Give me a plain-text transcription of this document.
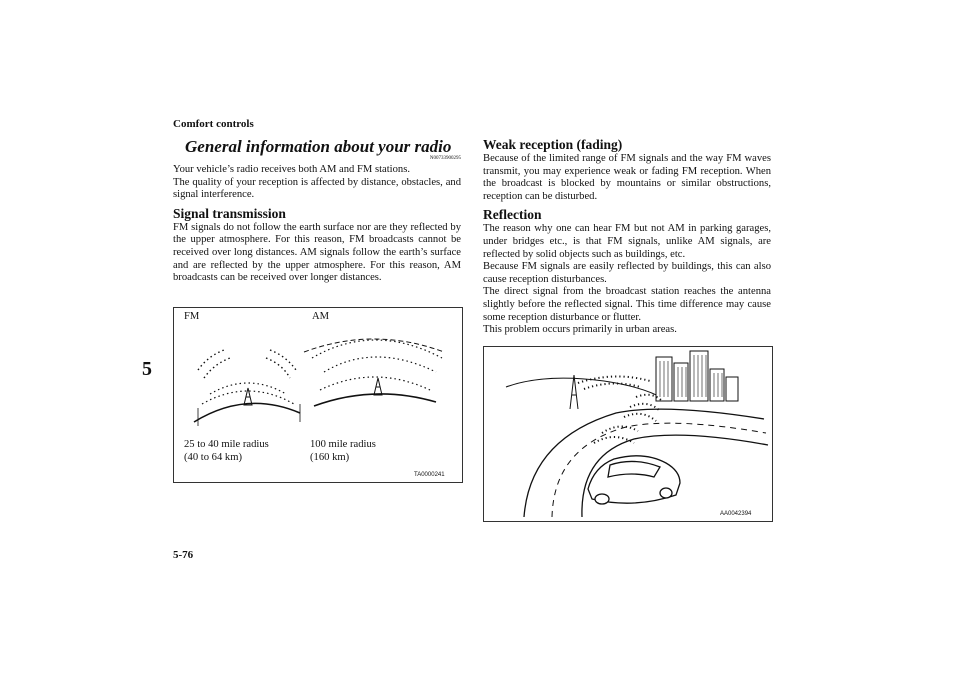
Comfort controls
5
5-76
General information about your radio
N00733900295

Your vehicle’s radio receives both AM and FM stations.

The quality of your reception is affected by distance, obstacles, and signal interference.

Signal transmission

FM signals do not follow the earth surface nor are they reflected by the upper atmosphere. For this reason, FM broadcasts cannot be received over long distances. AM signals follow the earth’s surface and are reflected by the upper atmosphere. For this reason, AM broadcasts can be received over longer distances.

FM	AM
25 to 40 mile radius
(40 to 64 km)
100 mile radius
(160 km)
TA0000241
Weak reception (fading)

Because of the limited range of FM signals and the way FM waves transmit, you may experience weak or fading FM reception. When the broadcast is blocked by mountains or similar obstructions, reception can be disturbed.

Reflection

The reason why one can hear FM but not AM in parking garages, under bridges etc., is that FM signals, unlike AM signals, are reflected by solid objects such as buildings, etc.

Because FM signals are easily reflected by buildings, this can also cause reception disturbances.

The direct signal from the broadcast station reaches the antenna slightly before the reflected signal. This time difference may cause some reception disturbance or flutter.

This problem occurs primarily in urban areas.

AA0042394
